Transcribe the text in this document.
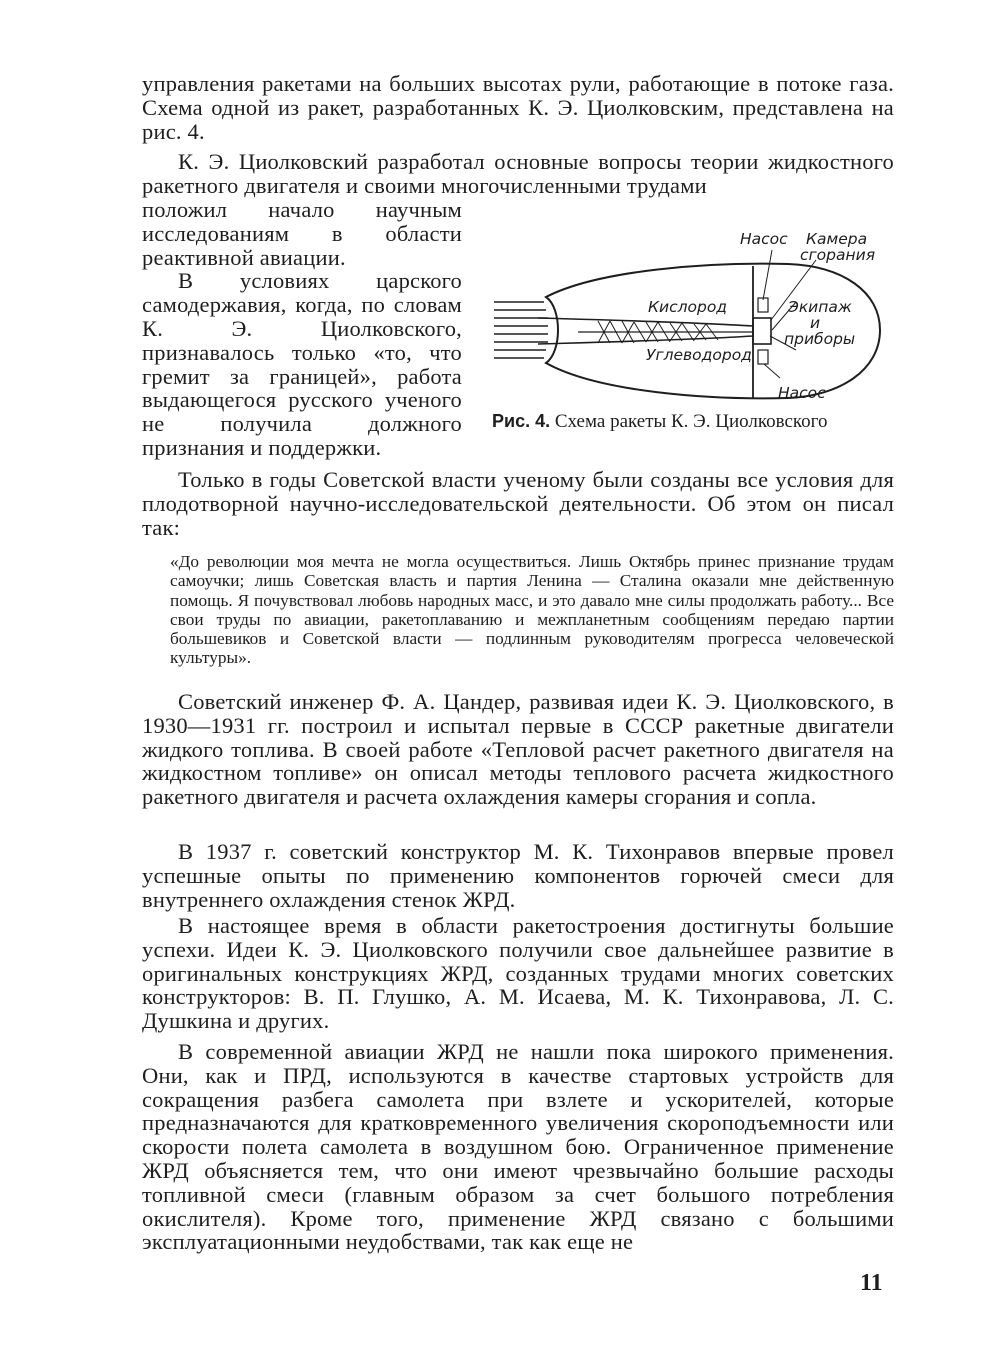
управления ракетами на больших высотах рули, работающие в потоке газа. Схема одной из ракет, разработанных К. Э. Циолковским, представлена на рис. 4.

К. Э. Циолковский разработал основные вопросы теории жидкостного ракетного двигателя и своими многочисленными трудами

положил начало научным исследованиям в области реактивной авиации.

В условиях царского самодержавия, когда, по словам К. Э. Циолковского, признавалось только «то, что гремит за границей», работа выдающегося русского ученого не получила должного признания и поддержки.

Насос Камера
сгорания
Кислород
Углеводород
Экипаж
и
приборы
Насос
Рис. 4. Схема ракеты К. Э. Циолковского

Только в годы Советской власти ученому были созданы все условия для плодотворной научно-исследовательской деятельности. Об этом он писал так:

«До революции моя мечта не могла осуществиться. Лишь Октябрь принес признание трудам самоучки; лишь Советская власть и партия Ленина — Сталина оказали мне действенную помощь. Я почувствовал любовь народных масс, и это давало мне силы продолжать работу... Все свои труды по авиации, ракетоплаванию и межпланетным сообщениям передаю партии большевиков и Советской власти — подлинным руководителям прогресса человеческой культуры».

Советский инженер Ф. А. Цандер, развивая идеи К. Э. Циолковского, в 1930—1931 гг. построил и испытал первые в СССР ракетные двигатели жидкого топлива. В своей работе «Тепловой расчет ракетного двигателя на жидкостном топливе» он описал методы теплового расчета жидкостного ракетного двигателя и расчета охлаждения камеры сгорания и сопла.

В 1937 г. советский конструктор М. К. Тихонравов впервые провел успешные опыты по применению компонентов горючей смеси для внутреннего охлаждения стенок ЖРД.

В настоящее время в области ракетостроения достигнуты большие успехи. Идеи К. Э. Циолковского получили свое дальнейшее развитие в оригинальных конструкциях ЖРД, созданных трудами многих советских конструкторов: В. П. Глушко, А. М. Исаева, М. К. Тихонравова, Л. С. Душкина и других.

В современной авиации ЖРД не нашли пока широкого применения. Они, как и ПРД, используются в качестве стартовых устройств для сокращения разбега самолета при взлете и ускорителей, которые предназначаются для кратковременного увеличения скороподъемности или скорости полета самолета в воздушном бою. Ограниченное применение ЖРД объясняется тем, что они имеют чрезвычайно большие расходы топливной смеси (главным образом за счет большого потребления окислителя). Кроме того, применение ЖРД связано с большими эксплуатационными неудобствами, так как еще не

11
